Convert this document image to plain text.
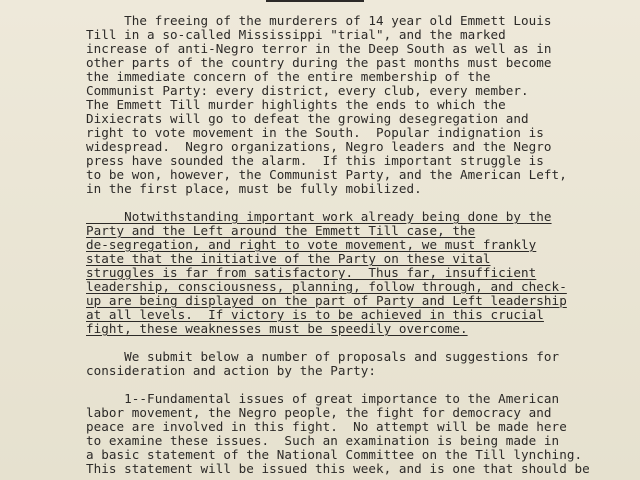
The freeing of the murderers of 14 year old Emmett Louis
Till in a so-called Mississippi "trial", and the marked
increase of anti-Negro terror in the Deep South as well as in
other parts of the country during the past months must become
the immediate concern of the entire membership of the
Communist Party: every district, every club, every member.
The Emmett Till murder highlights the ends to which the
Dixiecrats will go to defeat the growing desegregation and
right to vote movement in the South.  Popular indignation is
widespread.  Negro organizations, Negro leaders and the Negro
press have sounded the alarm.  If this important struggle is
to be won, however, the Communist Party, and the American Left,
in the first place, must be fully mobilized.
Notwithstanding important work already being done by the
Party and the Left around the Emmett Till case, the
de-segregation, and right to vote movement, we must frankly
state that the initiative of the Party on these vital
struggles is far from satisfactory.  Thus far, insufficient
leadership, consciousness, planning, follow through, and check-
up are being displayed on the part of Party and Left leadership
at all levels.  If victory is to be achieved in this crucial
fight, these weaknesses must be speedily overcome.
We submit below a number of proposals and suggestions for
consideration and action by the Party:
1--Fundamental issues of great importance to the American
labor movement, the Negro people, the fight for democracy and
peace are involved in this fight.  No attempt will be made here
to examine these issues.  Such an examination is being made in
a basic statement of the National Committee on the Till lynching.
This statement will be issued this week, and is one that should be
